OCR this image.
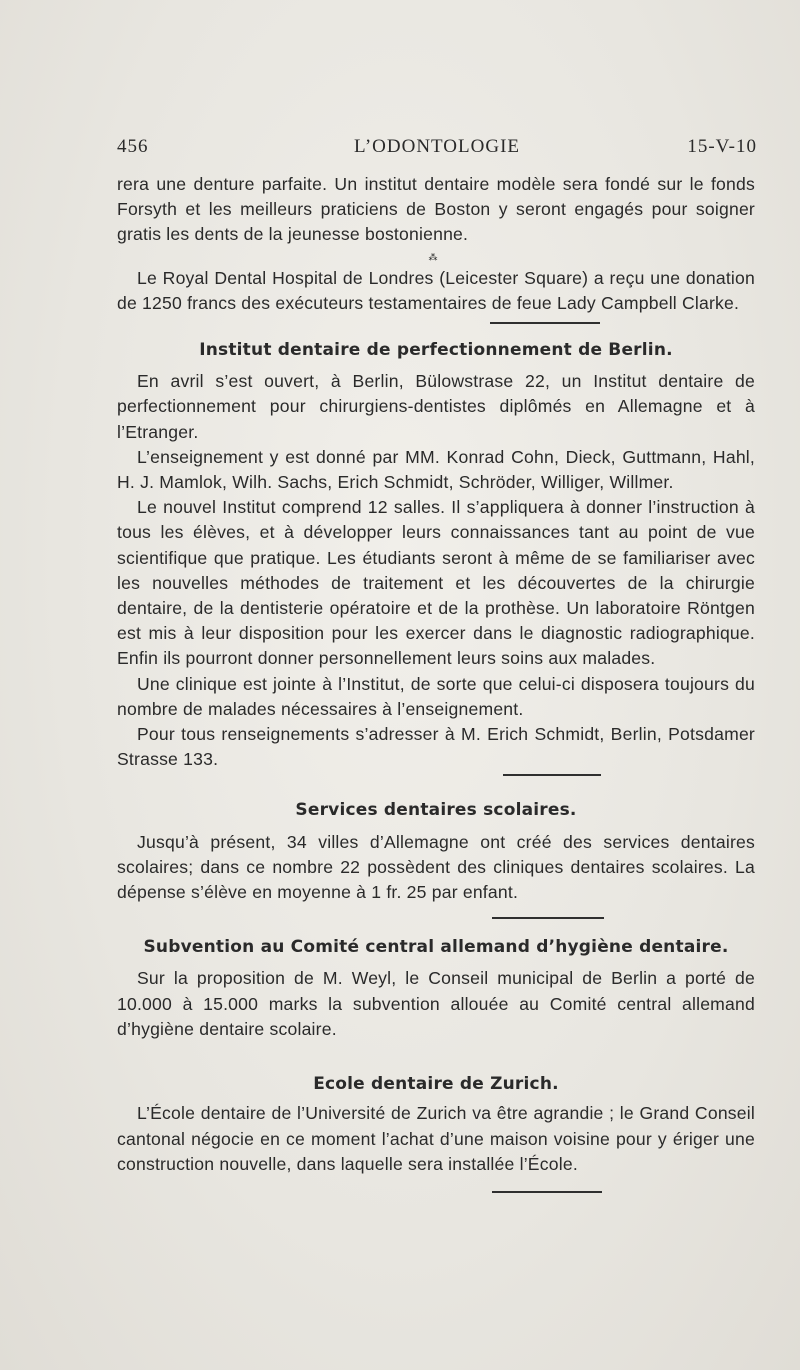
456	L’ODONTOLOGIE	15-V-10

rera une denture parfaite. Un institut dentaire modèle sera fondé sur le fonds Forsyth et les meilleurs praticiens de Boston y seront engagés pour soigner gratis les dents de la jeunesse bostonienne.

⁂

Le Royal Dental Hospital de Londres (Leicester Square) a reçu une donation de 1250 francs des exécuteurs testamentaires de feue Lady Campbell Clarke.

Institut dentaire de perfectionnement de Berlin.

En avril s’est ouvert, à Berlin, Bülowstrase 22, un Institut dentaire de perfectionnement pour chirurgiens-dentistes diplômés en Allemagne et à l’Etranger.

L’enseignement y est donné par MM. Konrad Cohn, Dieck, Guttmann, Hahl, H. J. Mamlok, Wilh. Sachs, Erich Schmidt, Schröder, Williger, Willmer.

Le nouvel Institut comprend 12 salles. Il s’appliquera à donner l’instruction à tous les élèves, et à développer leurs connaissances tant au point de vue scientifique que pratique. Les étudiants seront à même de se familiariser avec les nouvelles méthodes de traitement et les découvertes de la chirurgie dentaire, de la dentisterie opératoire et de la prothèse. Un laboratoire Röntgen est mis à leur disposition pour les exercer dans le diagnostic radiographique. Enfin ils pourront donner personnellement leurs soins aux malades.

Une clinique est jointe à l’Institut, de sorte que celui-ci disposera toujours du nombre de malades nécessaires à l’enseignement.

Pour tous renseignements s’adresser à M. Erich Schmidt, Berlin, Potsdamer Strasse 133.

Services dentaires scolaires.

Jusqu’à présent, 34 villes d’Allemagne ont créé des services dentaires scolaires; dans ce nombre 22 possèdent des cliniques dentaires scolaires. La dépense s’élève en moyenne à 1 fr. 25 par enfant.

Subvention au Comité central allemand d’hygiène dentaire.

Sur la proposition de M. Weyl, le Conseil municipal de Berlin a porté de 10.000 à 15.000 marks la subvention allouée au Comité central allemand d’hygiène dentaire scolaire.

Ecole dentaire de Zurich.

L’École dentaire de l’Université de Zurich va être agrandie ; le Grand Conseil cantonal négocie en ce moment l’achat d’une maison voisine pour y ériger une construction nouvelle, dans laquelle sera installée l’École.
